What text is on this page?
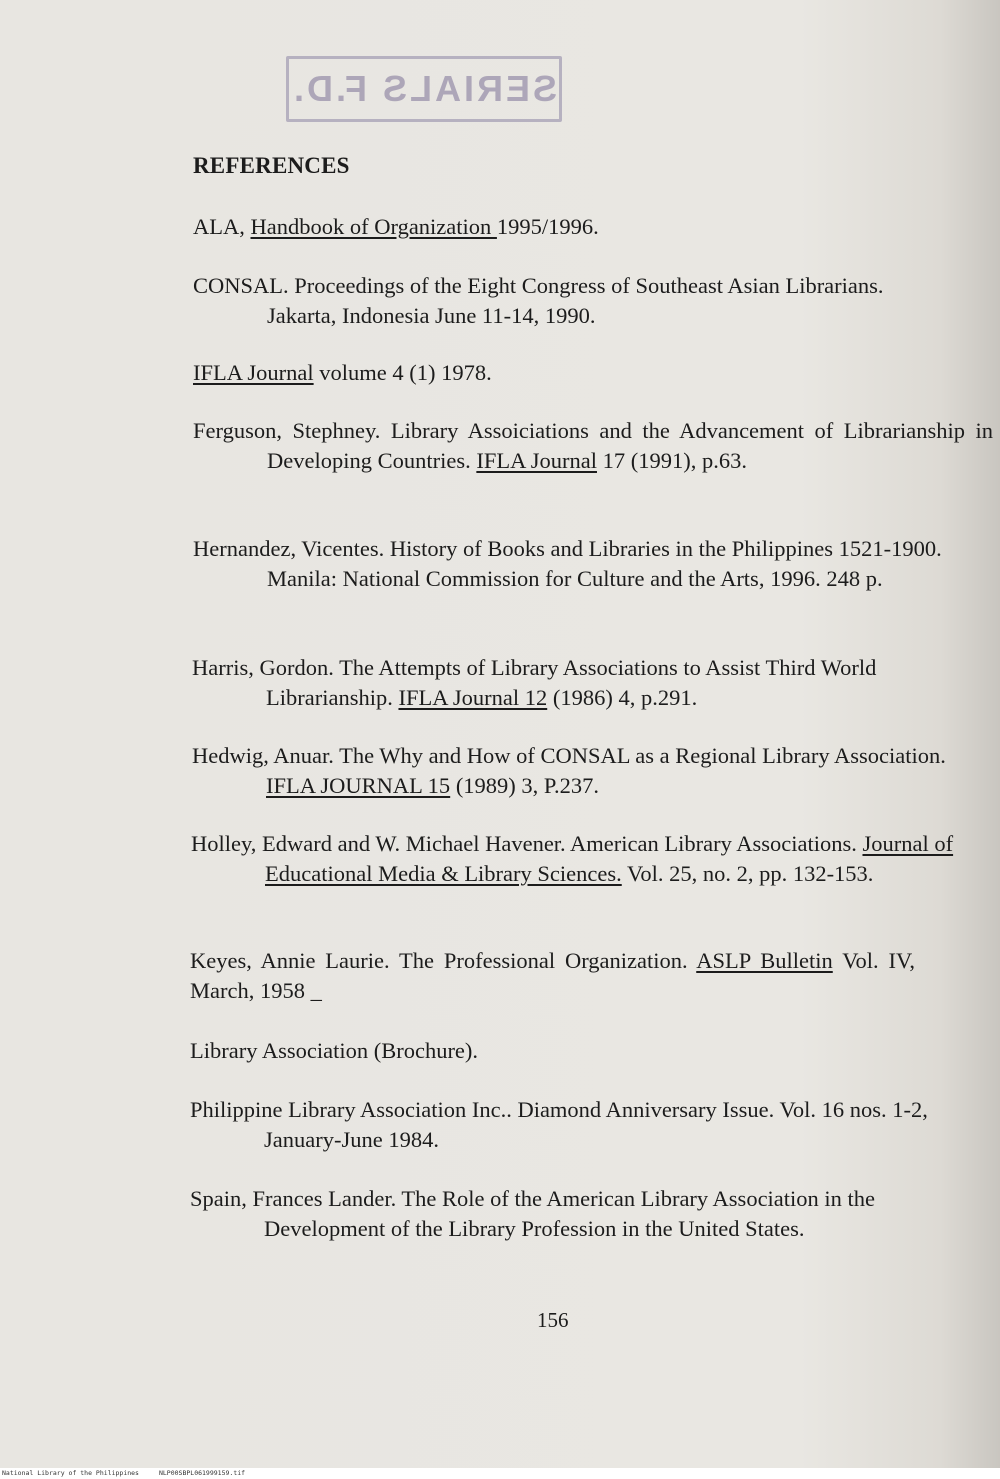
SERIALS F.D.
REFERENCES
ALA, Handbook of Organization 1995/1996.
CONSAL. Proceedings of the Eight Congress of Southeast Asian Librarians. Jakarta, Indonesia June 11-14, 1990.
IFLA Journal volume 4 (1) 1978.
Ferguson, Stephney. Library Assoiciations and the Advancement of Librarianship in Developing Countries. IFLA Journal 17 (1991), p.63.
Hernandez, Vicentes. History of Books and Libraries in the Philippines 1521-1900. Manila: National Commission for Culture and the Arts, 1996. 248 p.
Harris, Gordon. The Attempts of Library Associations to Assist Third World Librarianship. IFLA Journal 12 (1986) 4, p.291.
Hedwig, Anuar. The Why and How of CONSAL as a Regional Library Association. IFLA JOURNAL 15 (1989) 3, P.237.
Holley, Edward and W. Michael Havener. American Library Associations. Journal of Educational Media & Library Sciences. Vol. 25, no. 2, pp. 132-153.
Keyes, Annie Laurie. The Professional Organization. ASLP Bulletin Vol. IV, March, 1958 _
Library Association (Brochure).
Philippine Library Association Inc.. Diamond Anniversary Issue. Vol. 16 nos. 1-2, January-June 1984.
Spain, Frances Lander. The Role of the American Library Association in the Development of the Library Profession in the United States.
156
National Library of the Philippines	NLP00SBPL061999159.tif
